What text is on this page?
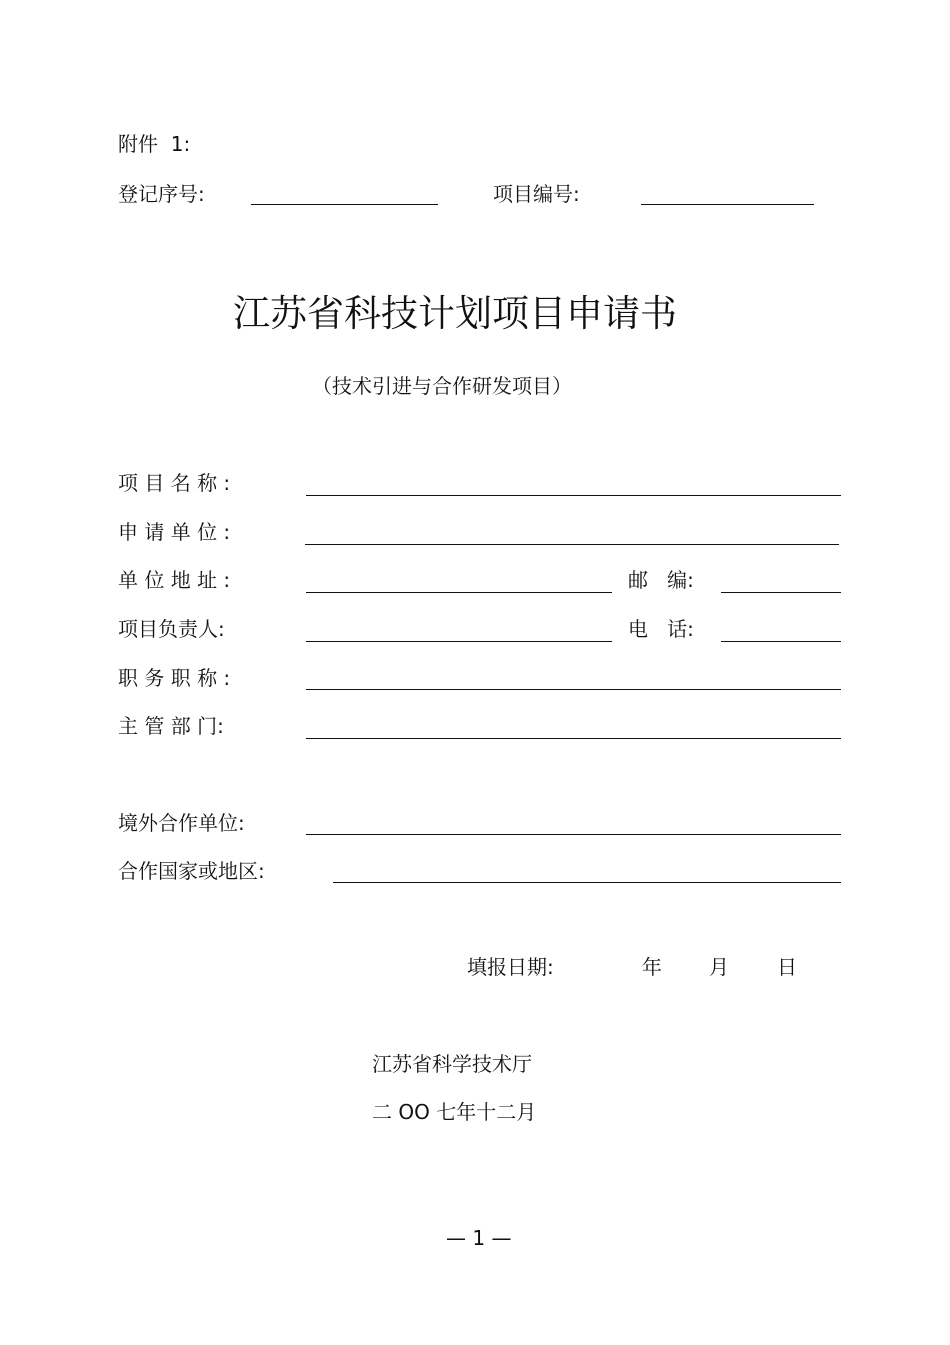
附件  1:
登记序号:	项目编号:
江苏省科技计划项目申请书
（技术引进与合作研发项目）
项 目 名 称 :
申 请 单 位 :
单 位 地 址 :	邮   编:
项目负责人:	电   话:
职 务 职 称 :
主 管 部 门:
境外合作单位:
合作国家或地区:
填报日期:	年 月 日
江苏省科学技术厅
二 OO 七年十二月
— 1 —
